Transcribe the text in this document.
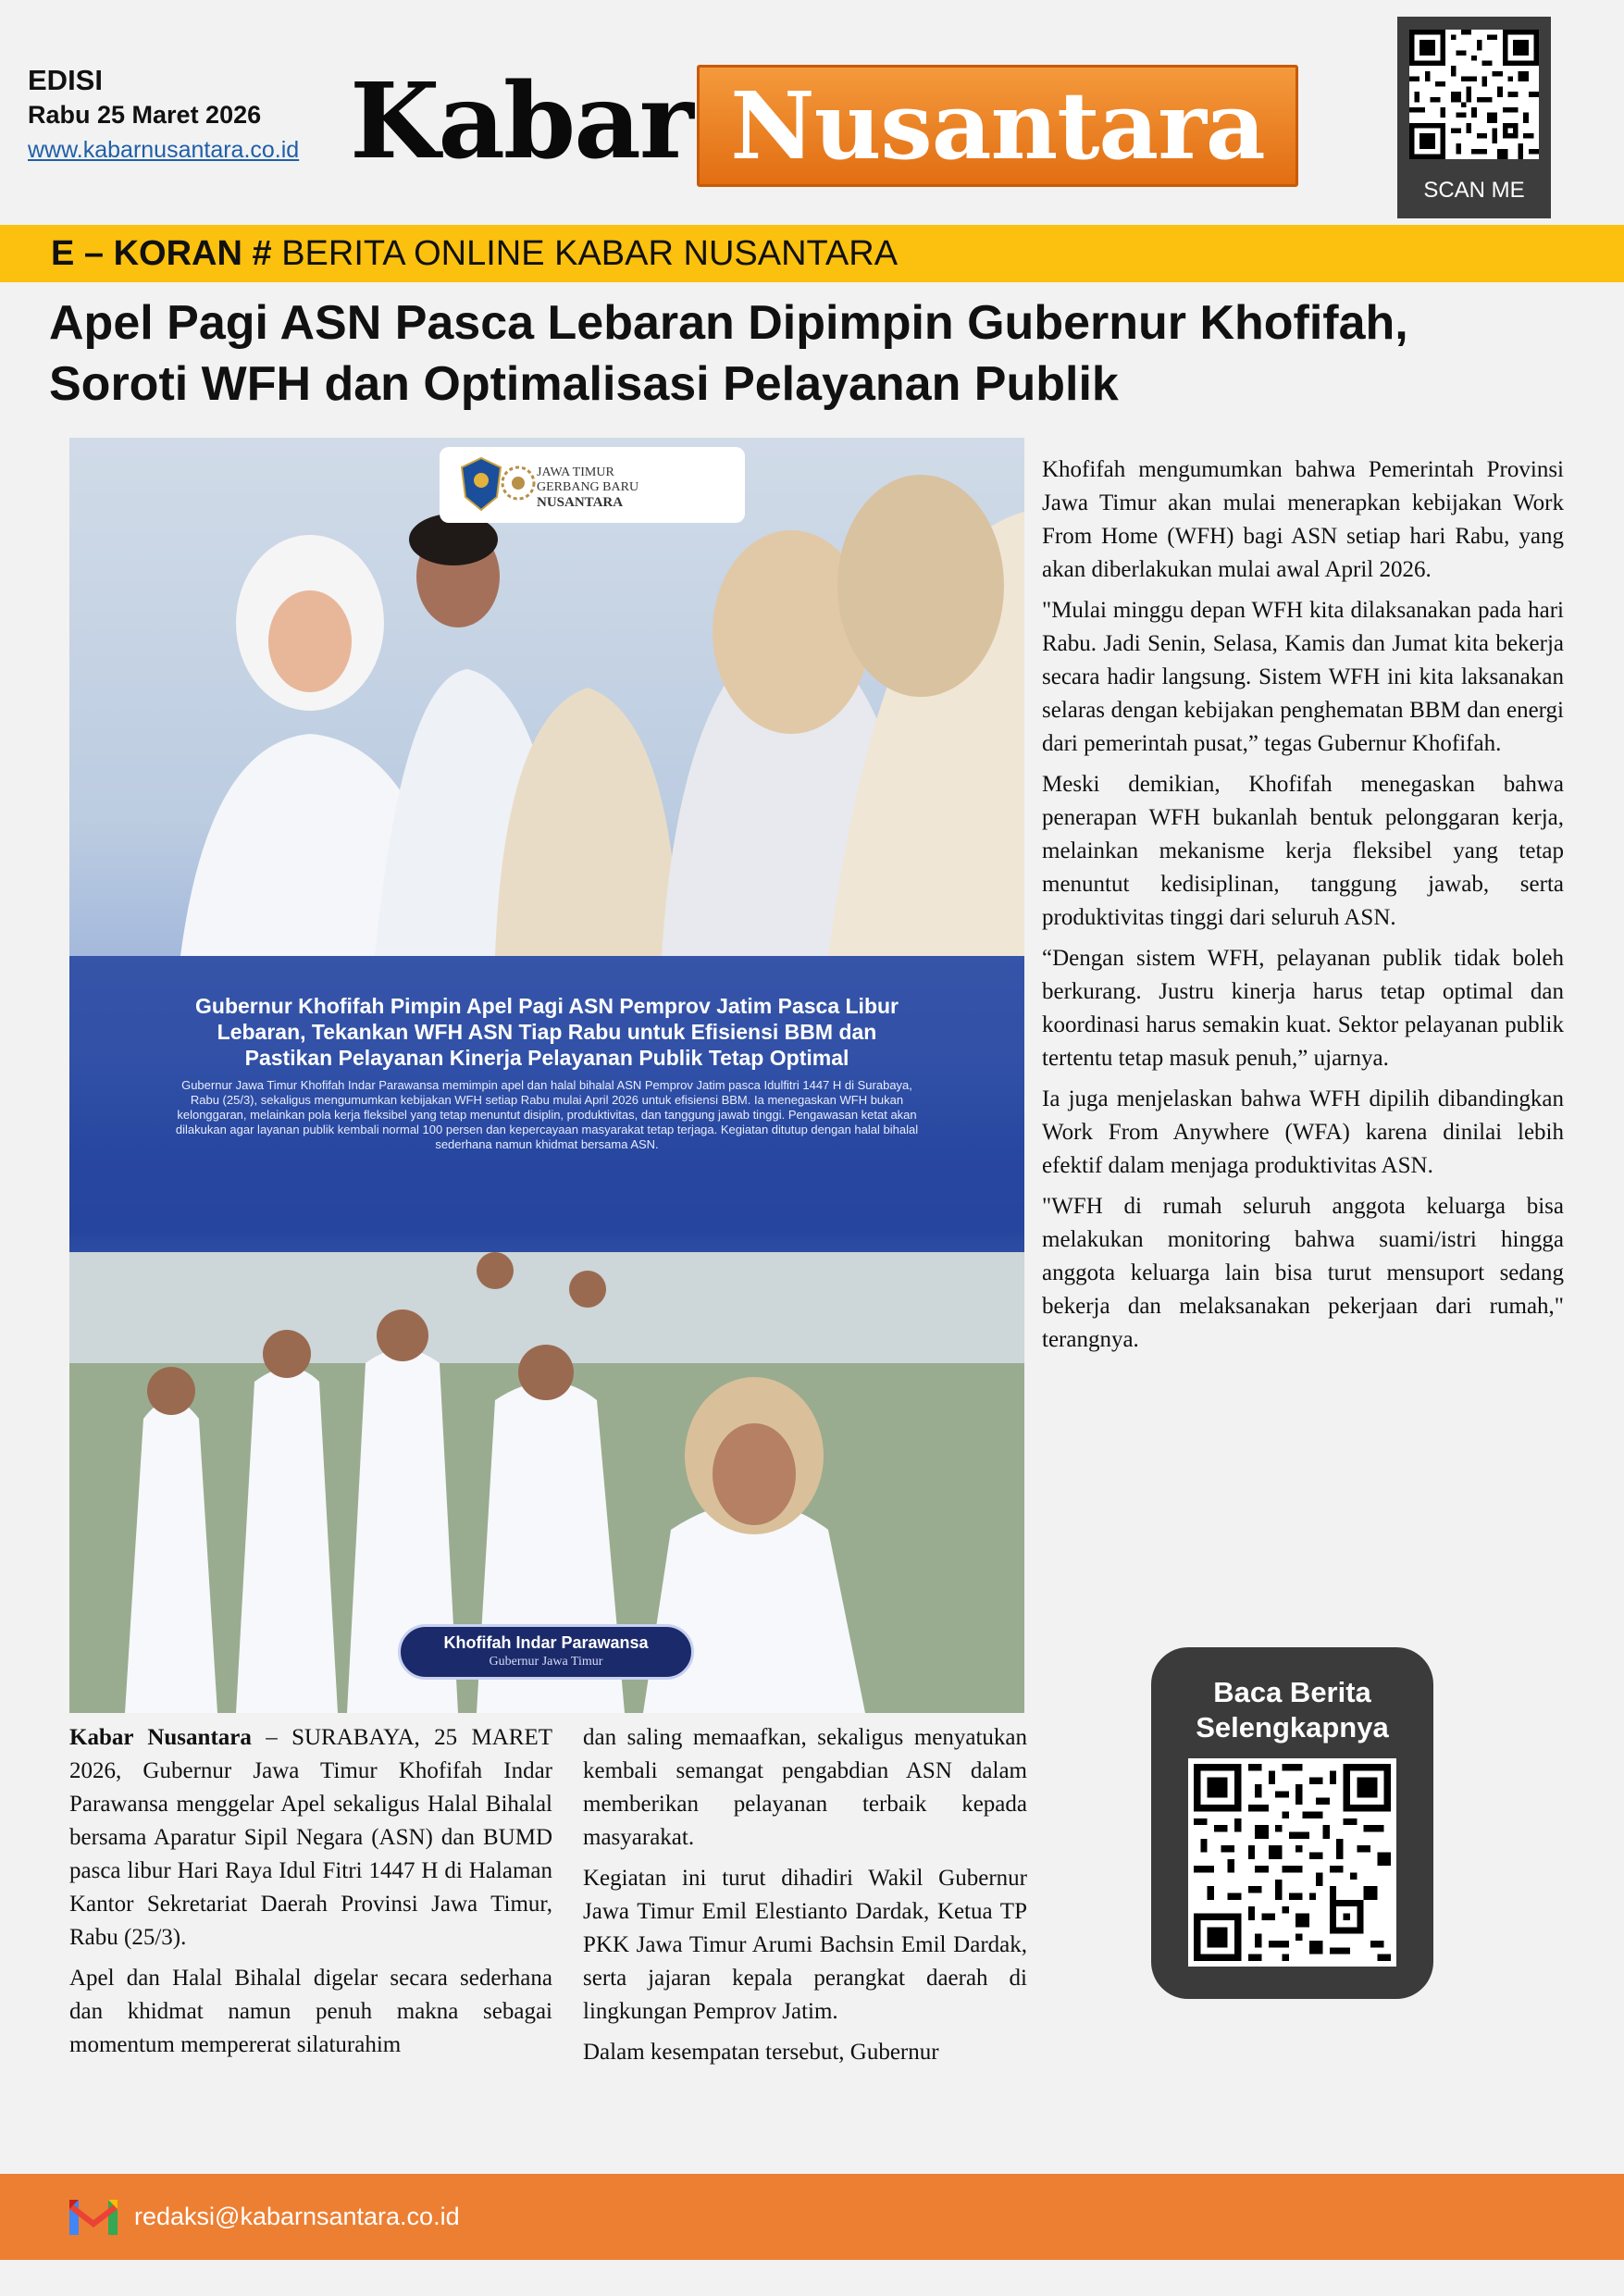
EDISI
Rabu 25 Maret 2026
www.kabarnusantara.co.id Kabar Nusantara
SCAN ME
E – KORAN # BERITA ONLINE KABAR NUSANTARA
Apel Pagi ASN Pasca Lebaran Dipimpin Gubernur Khofifah,
Soroti WFH dan Optimalisasi Pelayanan Publik
JAWA TIMUR
GERBANG BARU
NUSANTARA
Gubernur Khofifah Pimpin Apel Pagi ASN Pemprov Jatim Pasca Libur Lebaran, Tekankan WFH ASN Tiap Rabu untuk Efisiensi BBM dan Pastikan Pelayanan Kinerja Pelayanan Publik Tetap Optimal
Gubernur Jawa Timur Khofifah Indar Parawansa memimpin apel dan halal bihalal ASN Pemprov Jatim pasca Idulfitri 1447 H di Surabaya, Rabu (25/3), sekaligus mengumumkan kebijakan WFH setiap Rabu mulai April 2026 untuk efisiensi BBM. Ia menegaskan WFH bukan kelonggaran, melainkan pola kerja fleksibel yang tetap menuntut disiplin, produktivitas, dan tanggung jawab tinggi. Pengawasan ketat akan dilakukan agar layanan publik kembali normal 100 persen dan kepercayaan masyarakat tetap terjaga. Kegiatan ditutup dengan halal bihalal sederhana namun khidmat bersama ASN.
Khofifah Indar Parawansa
Gubernur Jawa Timur

Kabar Nusantara – SURABAYA, 25 MARET 2026, Gubernur Jawa Timur Khofifah Indar Parawansa menggelar Apel sekaligus Halal Bihalal bersama Aparatur Sipil Negara (ASN) dan BUMD pasca libur Hari Raya Idul Fitri 1447 H di Halaman Kantor Sekretariat Daerah Provinsi Jawa Timur, Rabu (25/3).

Apel dan Halal Bihalal digelar secara sederhana dan khidmat namun penuh makna sebagai momentum mempererat silaturahim

dan saling memaafkan, sekaligus menyatukan kembali semangat pengabdian ASN dalam memberikan pelayanan terbaik kepada masyarakat.

Kegiatan ini turut dihadiri Wakil Gubernur Jawa Timur Emil Elestianto Dardak, Ketua TP PKK Jawa Timur Arumi Bachsin Emil Dardak, serta jajaran kepala perangkat daerah di lingkungan Pemprov Jatim.

Dalam kesempatan tersebut, Gubernur

Khofifah mengumumkan bahwa Pemerintah Provinsi Jawa Timur akan mulai menerapkan kebijakan Work From Home (WFH) bagi ASN setiap hari Rabu, yang akan diberlakukan mulai awal April 2026.

"Mulai minggu depan WFH kita dilaksanakan pada hari Rabu. Jadi Senin, Selasa, Kamis dan Jumat kita bekerja secara hadir langsung. Sistem WFH ini kita laksanakan selaras dengan kebijakan penghematan BBM dan energi dari pemerintah pusat,” tegas Gubernur Khofifah.

Meski demikian, Khofifah menegaskan bahwa penerapan WFH bukanlah bentuk pelonggaran kerja, melainkan mekanisme kerja fleksibel yang tetap menuntut kedisiplinan, tanggung jawab, serta produktivitas tinggi dari seluruh ASN.

“Dengan sistem WFH, pelayanan publik tidak boleh berkurang. Justru kinerja harus tetap optimal dan koordinasi harus semakin kuat. Sektor pelayanan publik tertentu tetap masuk penuh,” ujarnya.

Ia juga menjelaskan bahwa WFH dipilih dibandingkan Work From Anywhere (WFA) karena dinilai lebih efektif dalam menjaga produktivitas ASN.

"WFH di rumah seluruh anggota keluarga bisa melakukan monitoring bahwa suami/istri hingga anggota keluarga lain bisa turut mensuport sedang bekerja dan melaksanakan pekerjaan dari rumah," terangnya.

Baca Berita
Selengkapnya
redaksi@kabarnsantara.co.id
